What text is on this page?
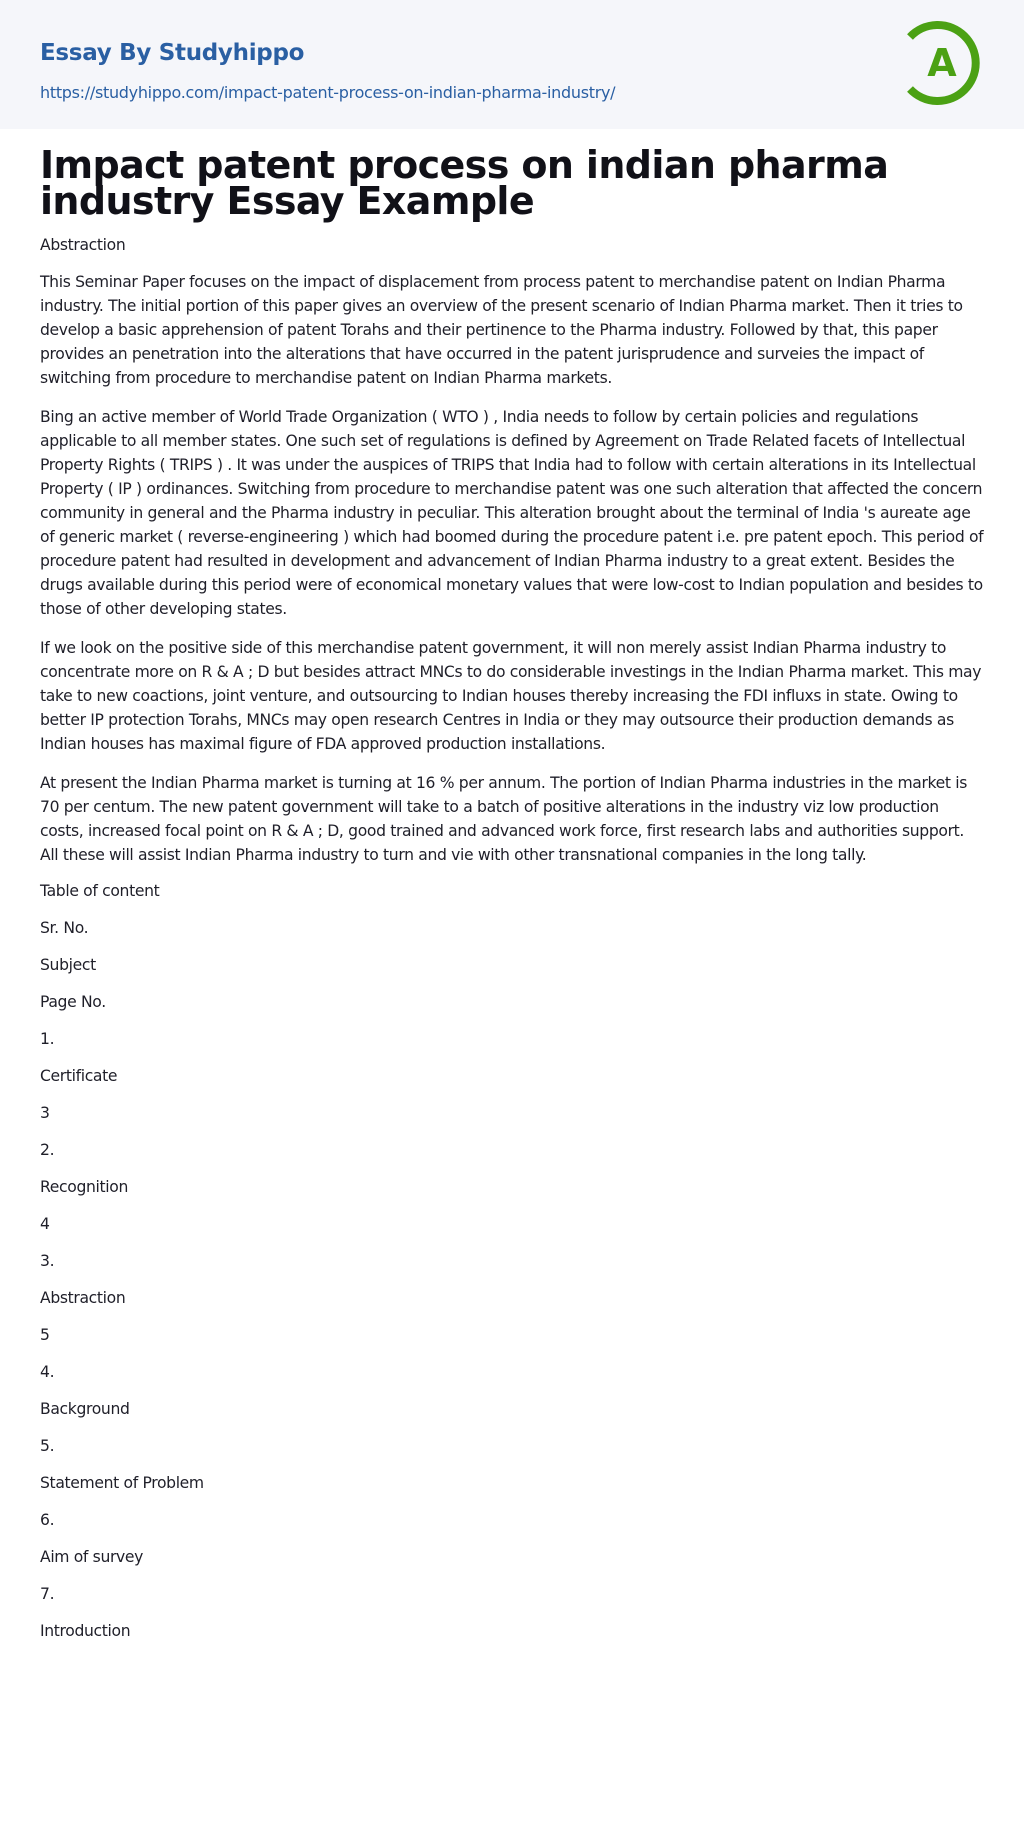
Essay By Studyhippo
https://studyhippo.com/impact-patent-process-on-indian-pharma-industry/
A
Impact patent process on indian pharma industry Essay Example

Abstraction

This Seminar Paper focuses on the impact of displacement from process patent to merchandise patent on Indian Pharma industry. The initial portion of this paper gives an overview of the present scenario of Indian Pharma market. Then it tries to develop a basic apprehension of patent Torahs and their pertinence to the Pharma industry. Followed by that, this paper provides an penetration into the alterations that have occurred in the patent jurisprudence and surveies the impact of switching from procedure to merchandise patent on Indian Pharma markets.

Bing an active member of World Trade Organization ( WTO ) , India needs to follow by certain policies and regulations applicable to all member states. One such set of regulations is defined by Agreement on Trade Related facets of Intellectual Property Rights ( TRIPS ) . It was under the auspices of TRIPS that India had to follow with certain alterations in its Intellectual Property ( IP ) ordinances. Switching from procedure to merchandise patent was one such alteration that affected the concern community in general and the Pharma industry in peculiar. This alteration brought about the terminal of India 's aureate age of generic market ( reverse-engineering ) which had boomed during the procedure patent i.e. pre patent epoch. This period of procedure patent had resulted in development and advancement of Indian Pharma industry to a great extent. Besides the drugs available during this period were of economical monetary values that were low-cost to Indian population and besides to those of other developing states.

If we look on the positive side of this merchandise patent government, it will non merely assist Indian Pharma industry to concentrate more on R & A ; D but besides attract MNCs to do considerable investings in the Indian Pharma market. This may take to new coactions, joint venture, and outsourcing to Indian houses thereby increasing the FDI influxs in state. Owing to better IP protection Torahs, MNCs may open research Centres in India or they may outsource their production demands as Indian houses has maximal figure of FDA approved production installations.

At present the Indian Pharma market is turning at 16 % per annum. The portion of Indian Pharma industries in the market is 70 per centum. The new patent government will take to a batch of positive alterations in the industry viz low production costs, increased focal point on R & A ; D, good trained and advanced work force, first research labs and authorities support. All these will assist Indian Pharma industry to turn and vie with other transnational companies in the long tally.

Table of content

Sr. No.

Subject

Page No.

1.

Certificate

3

2.

Recognition

4

3.

Abstraction

5

4.

Background

5.

Statement of Problem

6.

Aim of survey

7.

Introduction
